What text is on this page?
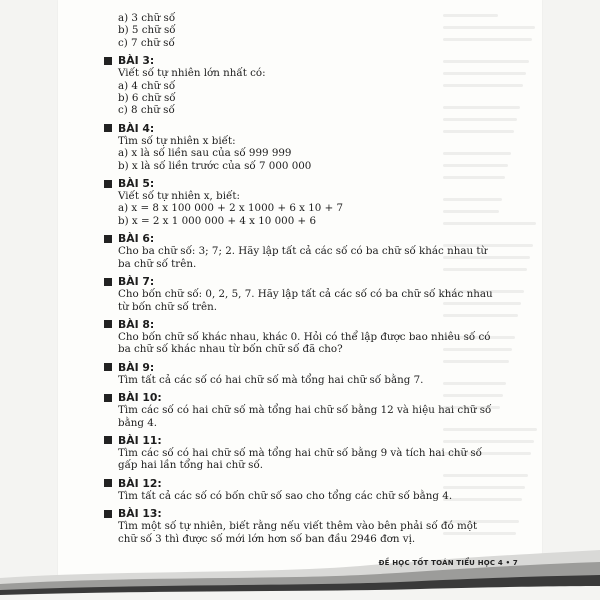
a) 3 chữ số
b) 5 chữ số
c) 7 chữ số
BÀI 3:
Viết số tự nhiên lớn nhất có:
a) 4 chữ số
b) 6 chữ số
c) 8 chữ số
BÀI 4:
Tìm số tự nhiên x biết:
a) x là số liền sau của số 999 999
b) x là số liền trước của số 7 000 000
BÀI 5:
Viết số tự nhiên x, biết:
a) x = 8 x 100 000 + 2 x 1000 + 6 x 10 + 7
b) x = 2 x 1 000 000 + 4 x 10 000 + 6
BÀI 6:
Cho ba chữ số: 3; 7; 2. Hãy lập tất cả các số có ba chữ số khác nhau từ
ba chữ số trên.
BÀI 7:
Cho bốn chữ số: 0, 2, 5, 7. Hãy lập tất cả các số có ba chữ số khác nhau
từ bốn chữ số trên.
BÀI 8:
Cho bốn chữ số khác nhau, khác 0. Hỏi có thể lập được bao nhiêu số có
ba chữ số khác nhau từ bốn chữ số đã cho?
BÀI 9:
Tìm tất cả các số có hai chữ số mà tổng hai chữ số bằng 7.
BÀI 10:
Tìm các số có hai chữ số mà tổng hai chữ số bằng 12 và hiệu hai chữ số
bằng 4.
BÀI 11:
Tìm các số có hai chữ số mà tổng hai chữ số bằng 9 và tích hai chữ số
gấp hai lần tổng hai chữ số.
BÀI 12:
Tìm tất cả các số có bốn chữ số sao cho tổng các chữ số bằng 4.
BÀI 13:
Tìm một số tự nhiên, biết rằng nếu viết thêm vào bên phải số đó một
chữ số 3 thì được số mới lớn hơn số ban đầu 2946 đơn vị.
ĐỀ HỌC TỐT TOÁN TIỂU HỌC 4 • 7
